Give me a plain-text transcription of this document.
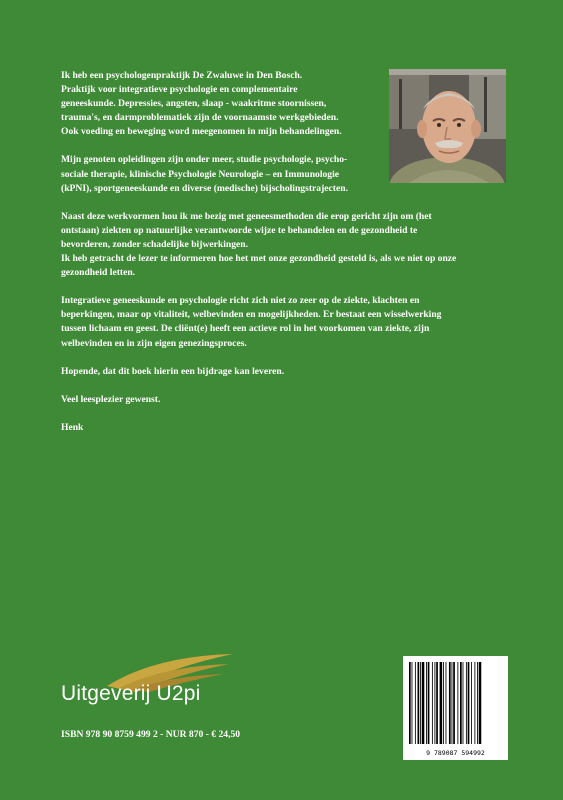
Ik heb een psychologenpraktijk De Zwaluwe in Den Bosch.
Praktijk voor integratieve psychologie en complementaire
geneeskunde. Depressies, angsten, slaap - waakritme stoornissen,
trauma's, en darmproblematiek zijn de voornaamste werkgebieden.
Ook voeding en beweging word meegenomen in mijn behandelingen.

Mijn genoten opleidingen zijn onder meer, studie psychologie, psycho-
sociale therapie, klinische Psychologie Neurologie – en Immunologie
(kPNI), sportgeneeskunde en diverse (medische) bijscholingstrajecten.

Naast deze werkvormen hou ik me bezig met geneesmethoden die erop gericht zijn om (het
ontstaan) ziekten op natuurlijke verantwoorde wijze te behandelen en de gezondheid te
bevorderen, zonder schadelijke bijwerkingen.
Ik heb getracht de lezer te informeren hoe het met onze gezondheid gesteld is, als we niet op onze
gezondheid letten.

Integratieve geneeskunde en psychologie richt zich niet zo zeer op de ziekte, klachten en
beperkingen, maar op vitaliteit, welbevinden en mogelijkheden. Er bestaat een wisselwerking
tussen lichaam en geest. De cliënt(e) heeft een actieve rol in het voorkomen van ziekte, zijn
welbevinden en in zijn eigen genezingsproces.

Hopende, dat dit boek hierin een bijdrage kan leveren.

Veel leesplezier gewenst.

Henk

Uitgeverij U2pi
ISBN 978 90 8759 499 2 - NUR 870 - € 24,50
9 789087 594992
